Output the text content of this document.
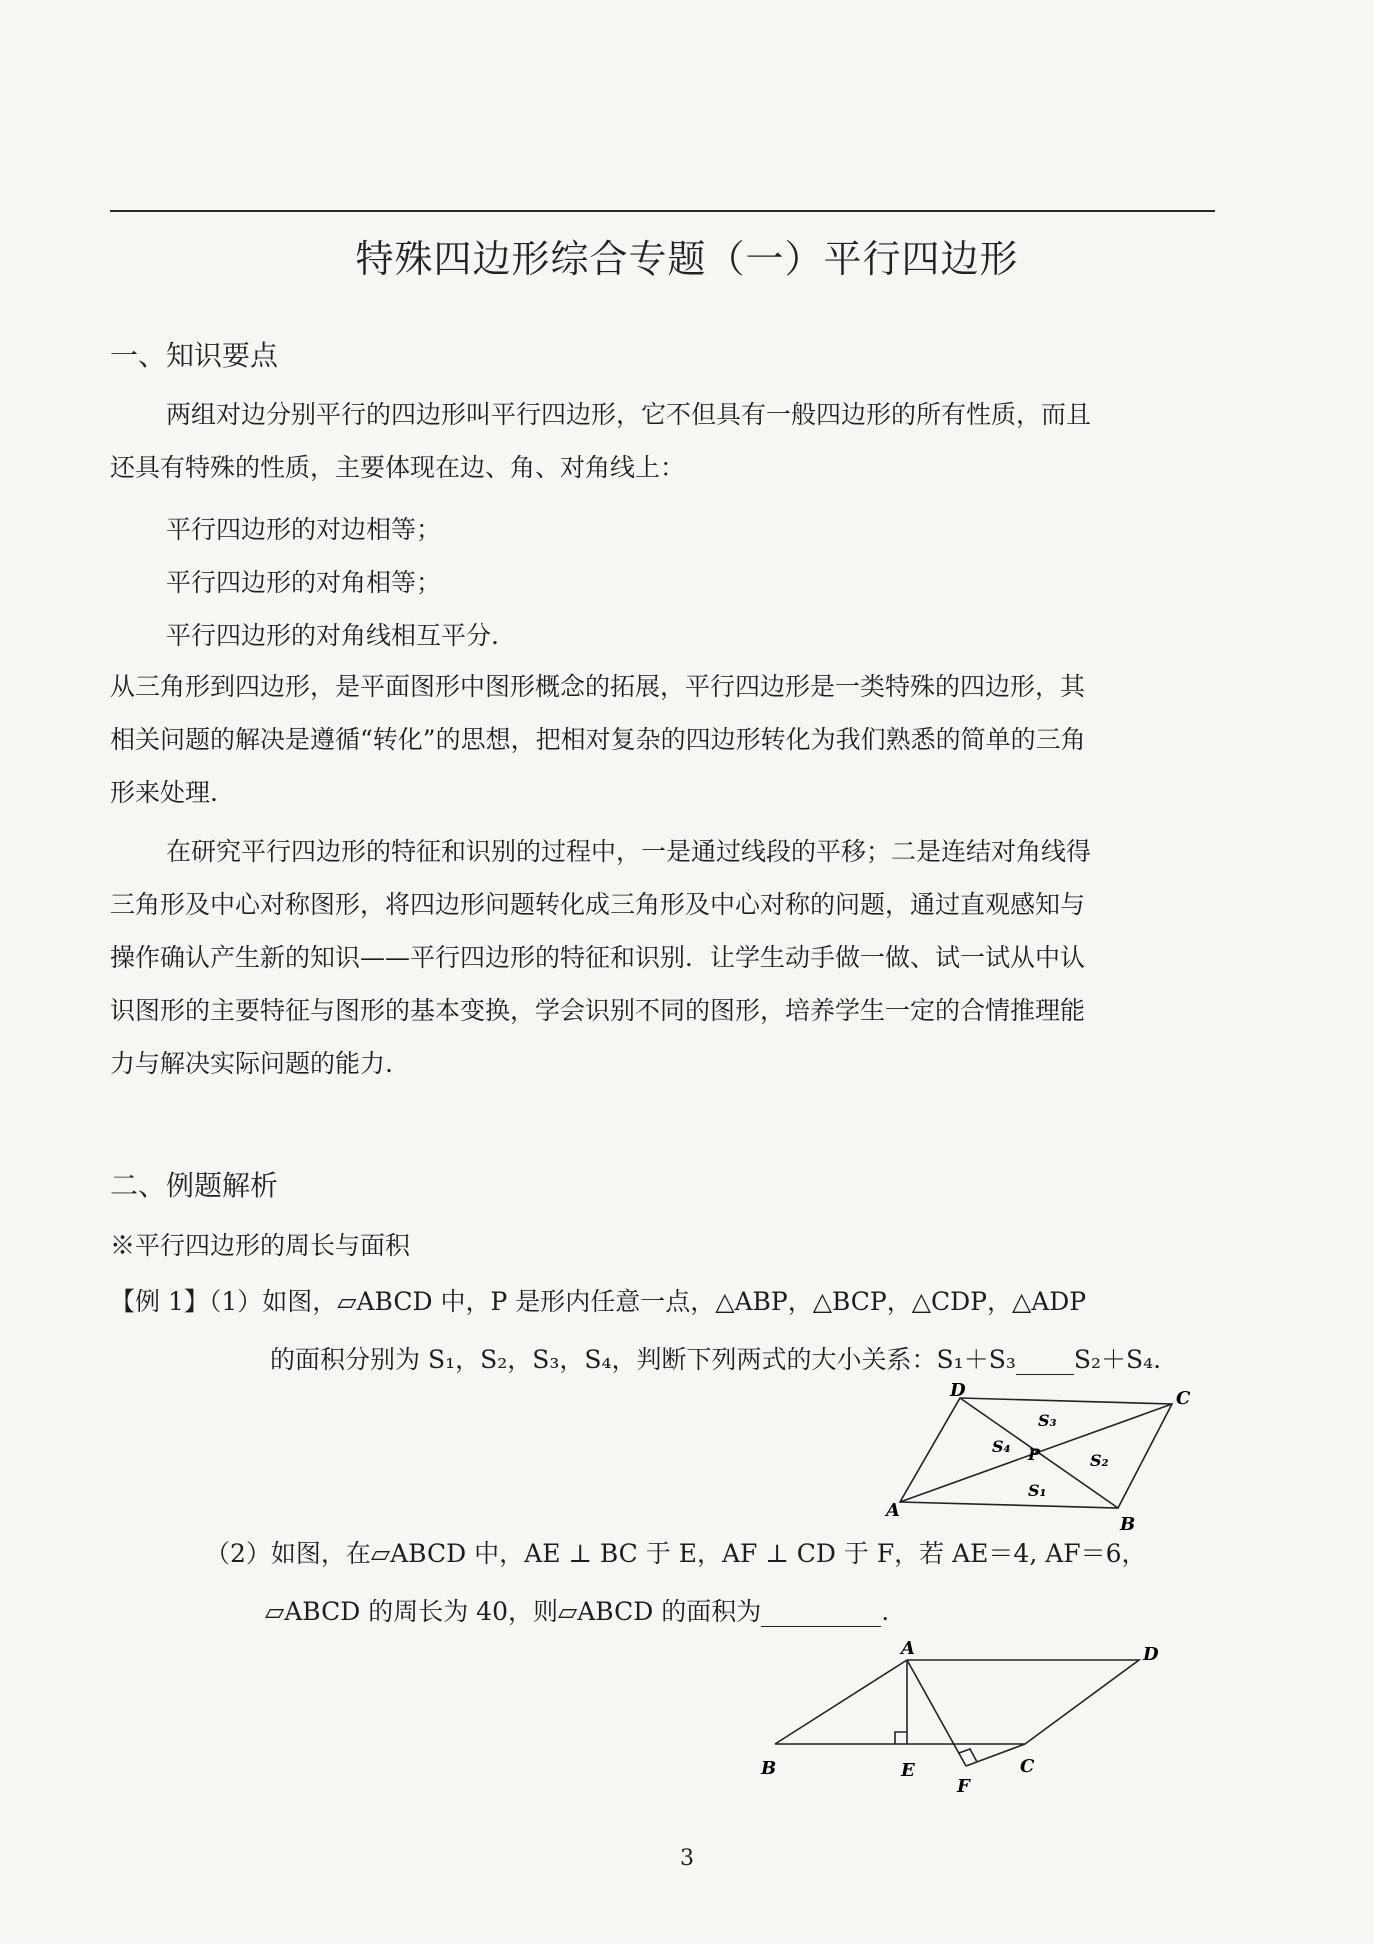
特殊四边形综合专题（一）平行四边形
一、知识要点
两组对边分别平行的四边形叫平行四边形，它不但具有一般四边形的所有性质，而且
还具有特殊的性质，主要体现在边、角、对角线上：
平行四边形的对边相等；
平行四边形的对角相等；
平行四边形的对角线相互平分.
从三角形到四边形，是平面图形中图形概念的拓展，平行四边形是一类特殊的四边形，其
相关问题的解决是遵循“转化”的思想，把相对复杂的四边形转化为我们熟悉的简单的三角
形来处理.
在研究平行四边形的特征和识别的过程中，一是通过线段的平移；二是连结对角线得
三角形及中心对称图形，将四边形问题转化成三角形及中心对称的问题，通过直观感知与
操作确认产生新的知识——平行四边形的特征和识别．让学生动手做一做、试一试从中认
识图形的主要特征与图形的基本变换，学会识别不同的图形，培养学生一定的合情推理能
力与解决实际问题的能力.
二、例题解析
※平行四边形的周长与面积
【例 1】（1）如图，▱ABCD 中，P 是形内任意一点，△ABP，△BCP，△CDP，△ADP
的面积分别为 S₁，S₂，S₃，S₄，判断下列两式的大小关系：S₁＋S₃ S₂＋S₄.
A
B
C
D
P
S₁
S₂
S₃
S₄
（2）如图，在▱ABCD 中，AE ⊥ BC 于 E，AF ⊥ CD 于 F，若 AE＝4, AF＝6，
▱ABCD 的周长为 40，则▱ABCD 的面积为	.
A
B	C
D
E
F
3
